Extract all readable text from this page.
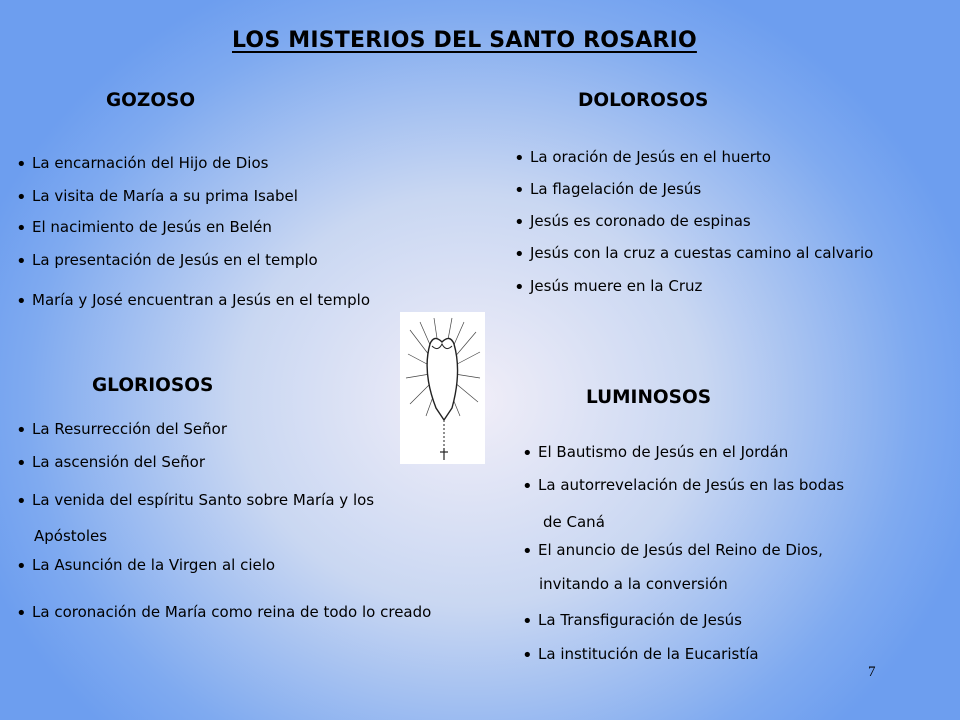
LOS MISTERIOS DEL SANTO ROSARIO
GOZOSO
• La encarnación del Hijo de Dios
• La visita de María a su prima Isabel
• El nacimiento de Jesús en Belén
• La presentación de Jesús en el templo
• María y José encuentran a Jesús en el templo
DOLOROSOS
• La oración de Jesús en el huerto
• La flagelación de Jesús
• Jesús es coronado de espinas
• Jesús con la cruz a cuestas camino al calvario
• Jesús muere en la Cruz
GLORIOSOS
• La Resurrección del Señor
• La ascensión del Señor
• La venida del espíritu Santo sobre María y los
Apóstoles
• La Asunción de la Virgen al cielo
• La coronación de María como reina de todo lo creado
LUMINOSOS
• El Bautismo de Jesús en el Jordán
• La autorrevelación de Jesús en las bodas
de Caná
• El anuncio de Jesús del Reino de Dios,
invitando a la conversión
• La Transfiguración de Jesús
• La institución de la Eucaristía
7
